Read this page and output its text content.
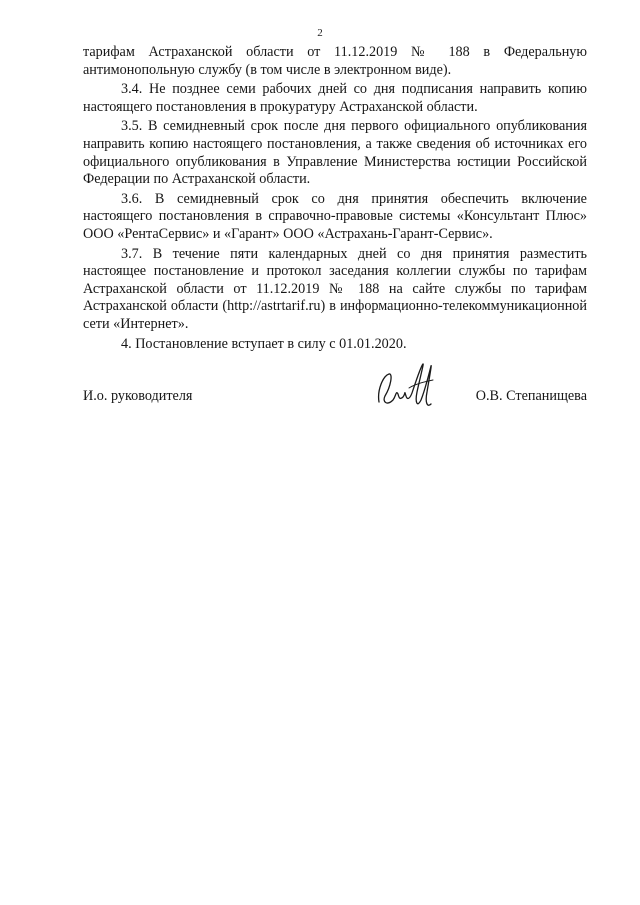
2

тарифам Астраханской области от 11.12.2019 № 188 в Федеральную антимонопольную службу (в том числе в электронном виде).

3.4. Не позднее семи рабочих дней со дня подписания направить копию настоящего постановления в прокуратуру Астраханской области.

3.5. В семидневный срок после дня первого официального опубликования направить копию настоящего постановления, а также сведения об источниках его официального опубликования в Управление Министерства юстиции Российской Федерации по Астраханской области.

3.6. В семидневный срок со дня принятия обеспечить включение настоящего постановления в справочно-правовые системы «Консультант Плюс» ООО «РентаСервис» и «Гарант» ООО «Астрахань-Гарант-Сервис».

3.7. В течение пяти календарных дней со дня принятия разместить настоящее постановление и протокол заседания коллегии службы по тарифам Астраханской области от 11.12.2019 № 188 на сайте службы по тарифам Астраханской области (http://astrtarif.ru) в информационно-телекоммуникационной сети «Интернет».

4. Постановление вступает в силу с 01.01.2020.

И.о. руководителя	О.В. Степанищева
